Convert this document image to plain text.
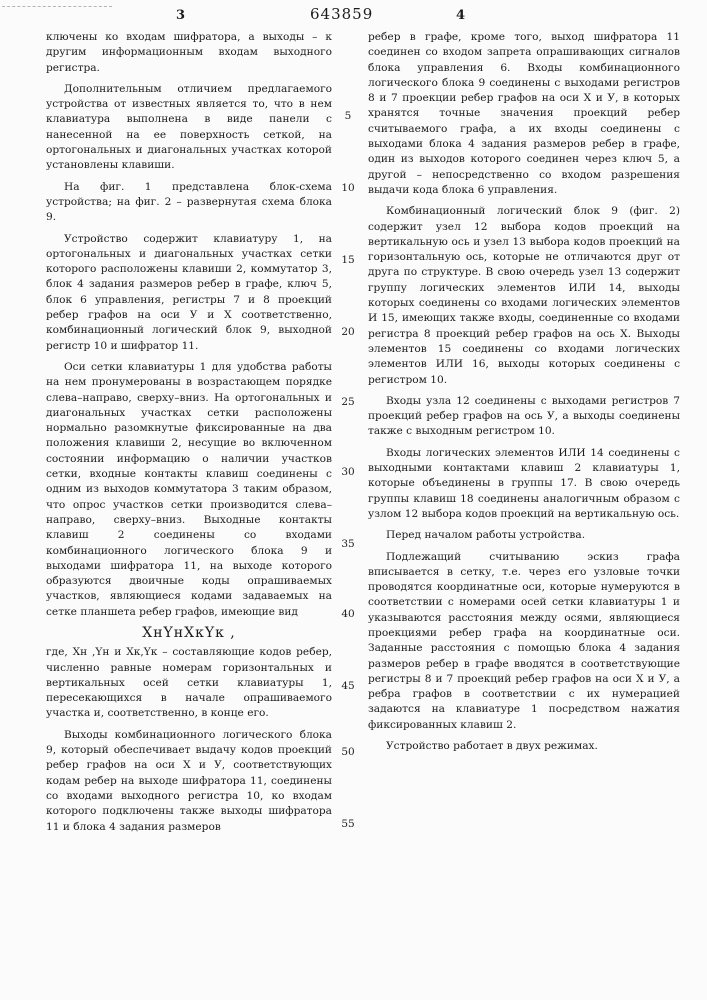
3	643859	4

ключены ко входам шифратора, а выходы – к другим информационным входам выходного регистра.

Дополнительным отличием предлагаемого устройства от известных является то, что в нем клавиатура выполнена в виде панели с нанесенной на ее поверхность сеткой, на ортогональных и диагональных участках которой установлены клавиши.

На фиг. 1 представлена блок-схема устройства; на фиг. 2 – развернутая схема блока 9.

Устройство содержит клавиатуру 1, на ортогональных и диагональных участках сетки которого расположены клавиши 2, коммутатор 3, блок 4 задания размеров ребер в графе, ключ 5, блок 6 управления, регистры 7 и 8 проекций ребер графов на оси У и Х соответственно, комбинационный логический блок 9, выходной регистр 10 и шифратор 11.

Оси сетки клавиатуры 1 для удобства работы на нем пронумерованы в возрастающем порядке слева–направо, сверху–вниз. На ортогональных и диагональных участках сетки расположены нормально разомкнутые фиксированные на два положения клавиши 2, несущие во включенном состоянии информацию о наличии участков сетки, входные контакты клавиш соединены с одним из выходов коммутатора 3 таким образом, что опрос участков сетки производится слева–направо, сверху–вниз. Выходные контакты клавиш 2 соединены со входами комбинационного логического блока 9 и выходами шифратора 11, на выходе которого образуются двоичные коды опрашиваемых участков, являющиеся кодами задаваемых на сетке планшета ребер графов, имеющие вид

XнYнXкYк ,

где, Xн ,Yн и Xк,Yк – составляющие кодов ребер, численно равные номерам горизонтальных и вертикальных осей сетки клавиатуры 1, пересекающихся в начале опрашиваемого участка и, соответственно, в конце его.

Выходы комбинационного логического блока 9, который обеспечивает выдачу кодов проекций ребер графов на оси Х и У, соответствующих кодам ребер на выходе шифратора 11, соединены со входами выходного регистра 10, ко входам которого подключены также выходы шифратора 11 и блока 4 задания размеров

5
10
15
20
25
30
35
40
45
50
55

ребер в графе, кроме того, выход шифратора 11 соединен со входом запрета опрашивающих сигналов блока управления 6. Входы комбинационного логического блока 9 соединены с выходами регистров 8 и 7 проекции ребер графов на оси Х и У, в которых хранятся точные значения проекций ребер считываемого графа, а их входы соединены с выходами блока 4 задания размеров ребер в графе, один из выходов которого соединен через ключ 5, а другой – непосредственно со входом разрешения выдачи кода блока 6 управления.

Комбинационный логический блок 9 (фиг. 2) содержит узел 12 выбора кодов проекций на вертикальную ось и узел 13 выбора кодов проекций на горизонтальную ось, которые не отличаются друг от друга по структуре. В свою очередь узел 13 содержит группу логических элементов ИЛИ 14, выходы которых соединены со входами логических элементов И 15, имеющих также входы, соединенные со входами регистра 8 проекций ребер графов на ось Х. Выходы элементов 15 соединены со входами логических элементов ИЛИ 16, выходы которых соединены с регистром 10.

Входы узла 12 соединены с выходами регистров 7 проекций ребер графов на ось У, а выходы соединены также с выходным регистром 10.

Входы логических элементов ИЛИ 14 соединены с выходными контактами клавиш 2 клавиатуры 1, которые объединены в группы 17. В свою очередь группы клавиш 18 соединены аналогичным образом с узлом 12 выбора кодов проекций на вертикальную ось.

Перед началом работы устройства.

Подлежащий считыванию эскиз графа вписывается в сетку, т.е. через его узловые точки проводятся координатные оси, которые нумеруются в соответствии с номерами осей сетки клавиатуры 1 и указываются расстояния между осями, являющиеся проекциями ребер графа на координатные оси. Заданные расстояния с помощью блока 4 задания размеров ребер в графе вводятся в соответствующие регистры 8 и 7 проекций ребер графов на оси Х и У, а ребра графов в соответствии с их нумерацией задаются на клавиатуре 1 посредством нажатия фиксированных клавиш 2.

Устройство работает в двух режимах.
